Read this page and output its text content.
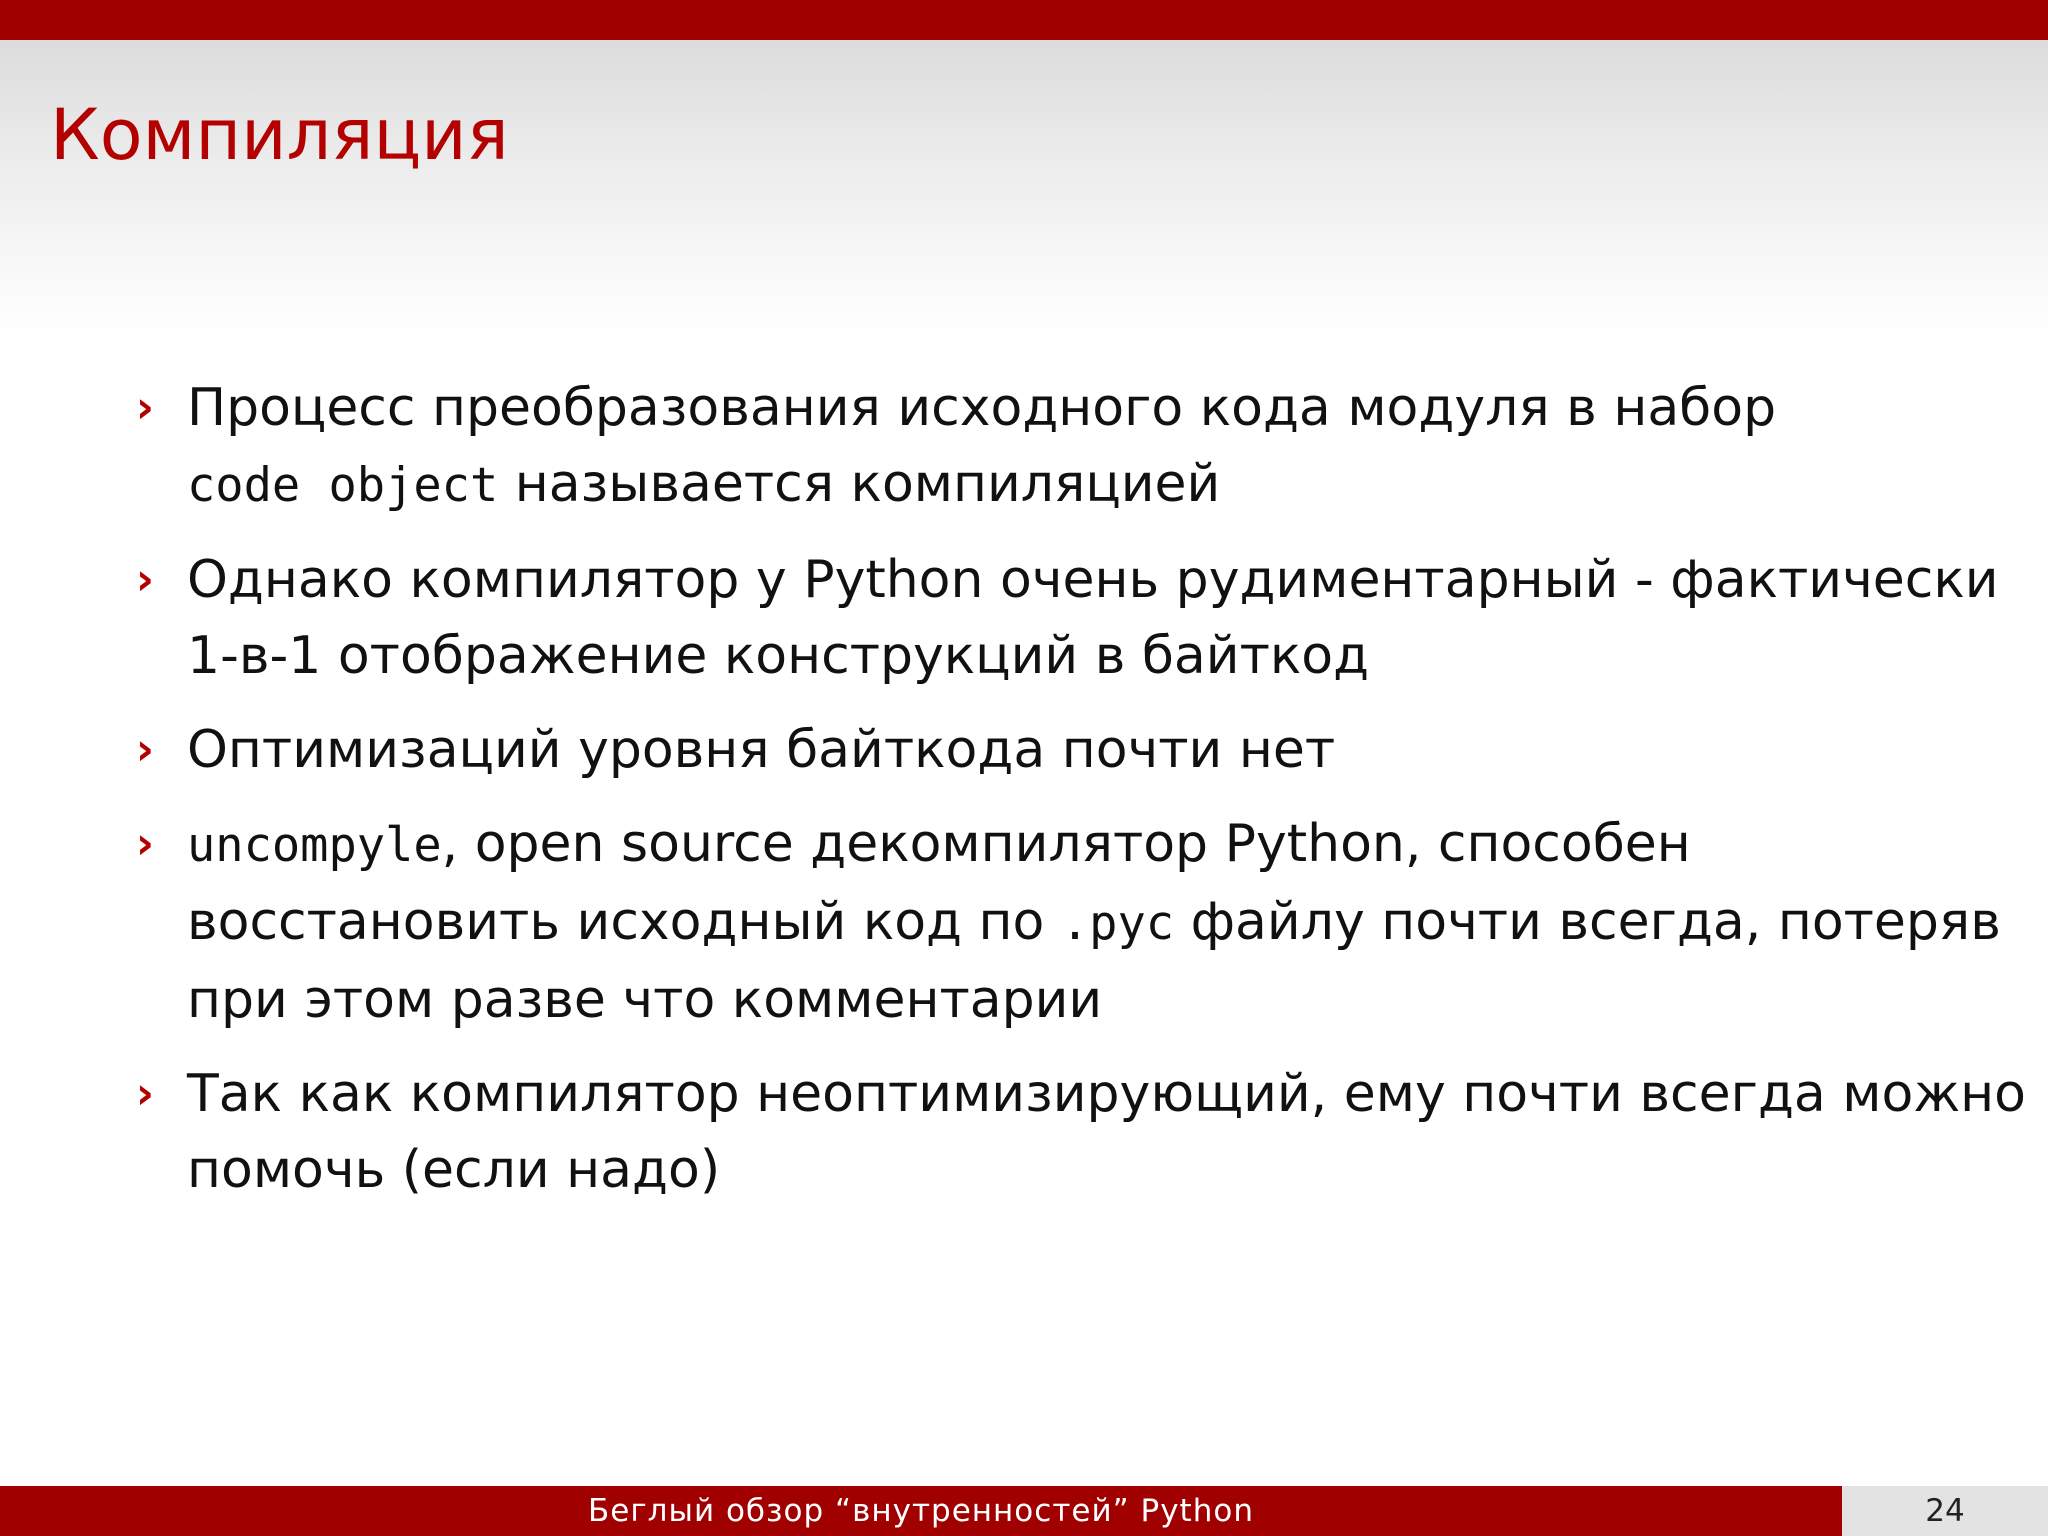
Компиляция
› Процесс преобразования исходного кода модуля в набор
code object называется компиляцией
› Однако компилятор у Python очень рудиментарный - фактически
1-в-1 отображение конструкций в байткод
› Оптимизаций уровня байткода почти нет
› uncompyle, open source декомпилятор Python, способен
восстановить исходный код по .pyc файлу почти всегда, потеряв
при этом разве что комментарии
› Так как компилятор неоптимизирующий, ему почти всегда можно
помочь (если надо)
Беглый обзор “внутренностей” Python	24
